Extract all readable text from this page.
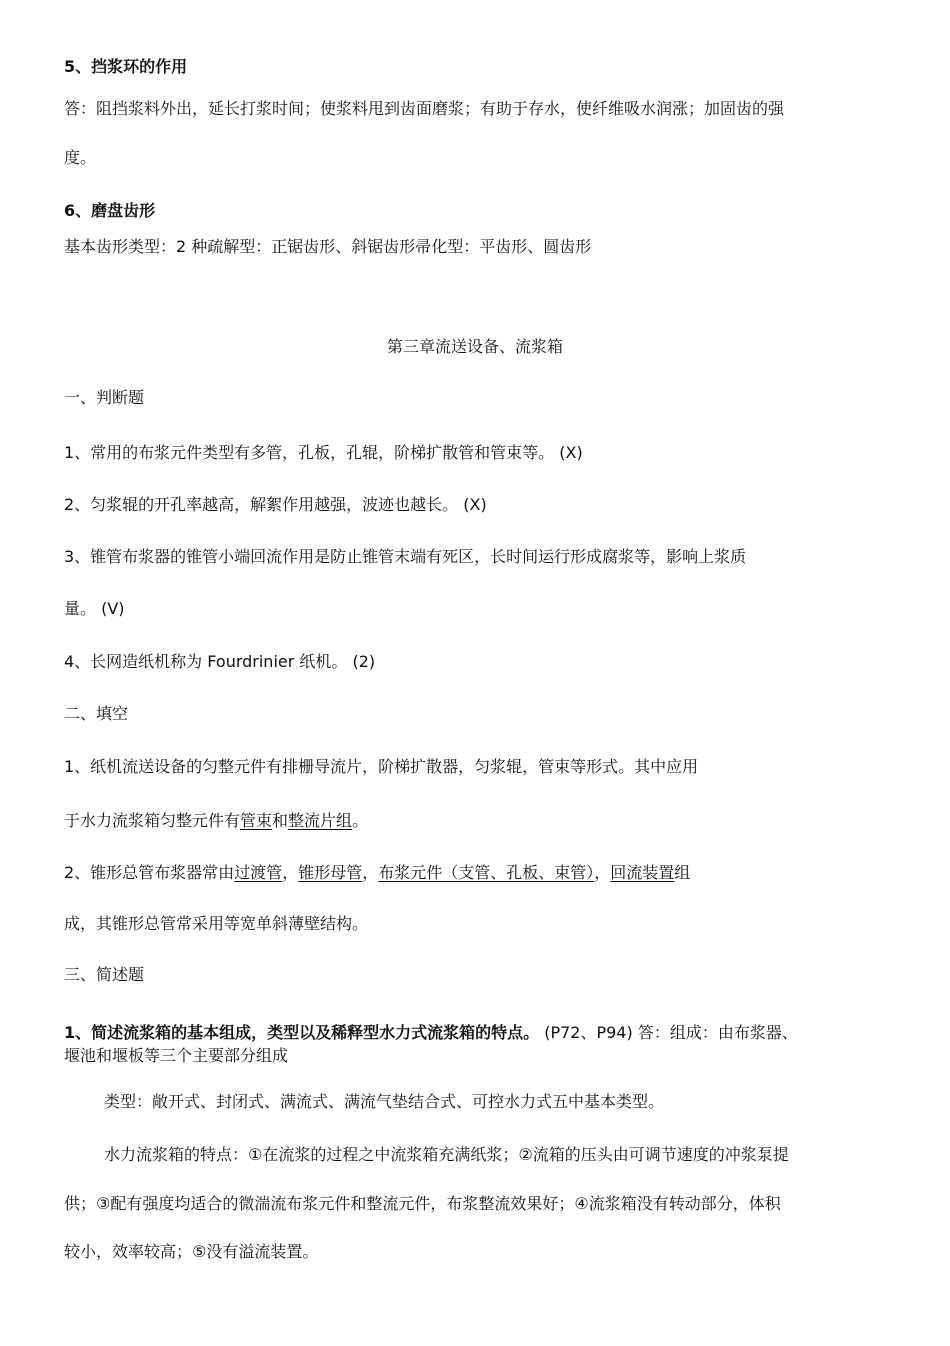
5、挡浆环的作用
答：阻挡浆料外出，延长打浆时间；使浆料甩到齿面磨浆；有助于存水，使纤维吸水润涨；加固齿的强
度。
6、磨盘齿形
基本齿形类型：2 种疏解型：正锯齿形、斜锯齿形帚化型：平齿形、圆齿形
第三章流送设备、流浆箱
一、判断题
1、常用的布浆元件类型有多管，孔板，孔辊，阶梯扩散管和管束等。 (X)
2、匀浆辊的开孔率越高，解絮作用越强，波迹也越长。 (X)
3、锥管布浆器的锥管小端回流作用是防止锥管末端有死区，长时间运行形成腐浆等，影响上浆质
量。 (V)
4、长网造纸机称为 Fourdrinier 纸机。 (2)
二、填空
1、纸机流送设备的匀整元件有排栅导流片，阶梯扩散器，匀浆辊，管束等形式。其中应用
于水力流浆箱匀整元件有管束和整流片组。
2、锥形总管布浆器常由过渡管，锥形母管，布浆元件（支管、孔板、束管），回流装置组
成，其锥形总管常采用等宽单斜薄壁结构。
三、简述题
1、简述流浆箱的基本组成，类型以及稀释型水力式流浆箱的特点。 (P72、P94) 答：组成：由布浆器、
堰池和堰板等三个主要部分组成
类型：敞开式、封闭式、满流式、满流气垫结合式、可控水力式五中基本类型。
水力流浆箱的特点：①在流浆的过程之中流浆箱充满纸浆；②流箱的压头由可调节速度的冲浆泵提
供；③配有强度均适合的微湍流布浆元件和整流元件，布浆整流效果好；④流浆箱没有转动部分，体积
较小，效率较高；⑤没有溢流装置。
